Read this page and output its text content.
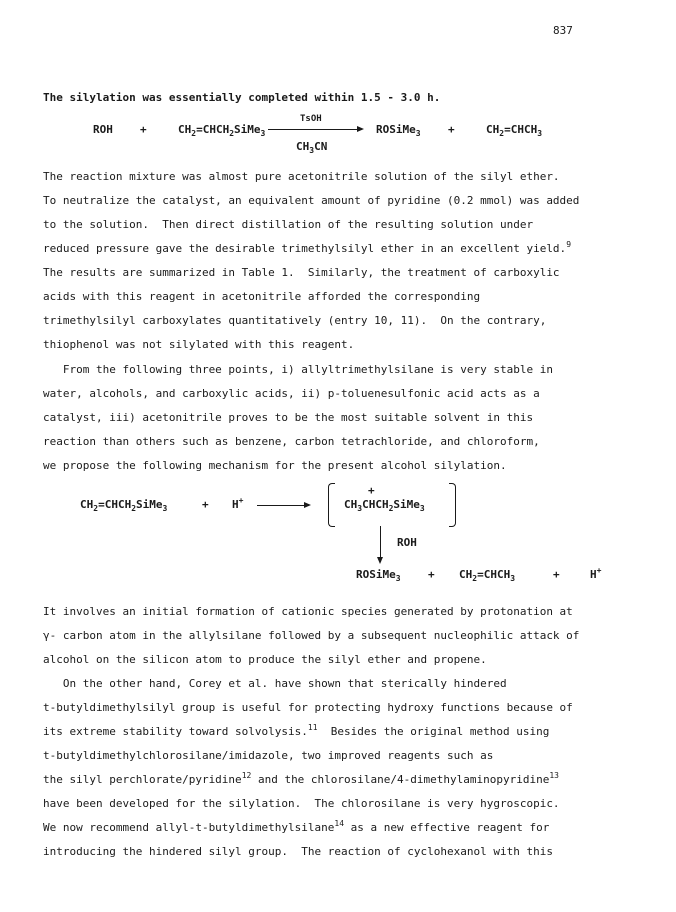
837
The silylation was essentially completed within 1.5 - 3.0 h.
ROH +	$CH_2=CHCH_2SiMe_3$
TsOH
$CH_3CN$
ROSiMe$_3$ +	$CH_2=CHCH_3$
The reaction mixture was almost pure acetonitrile solution of the silyl ether.
To neutralize the catalyst, an equivalent amount of pyridine (0.2 mmol) was added
to the solution.  Then direct distillation of the resulting solution under
reduced pressure gave the desirable trimethylsilyl ether in an excellent yield.$^9$
The results are summarized in Table 1.  Similarly, the treatment of carboxylic
acids with this reagent in acetonitrile afforded the corresponding
trimethylsilyl carboxylates quantitatively (entry 10, 11).  On the contrary,
thiophenol was not silylated with this reagent.
From the following three points, i) allyltrimethylsilane is very stable in
water, alcohols, and carboxylic acids, ii) p-toluenesulfonic acid acts as a
catalyst, iii) acetonitrile proves to be the most suitable solvent in this
reaction than others such as benzene, carbon tetrachloride, and chloroform,
we propose the following mechanism for the present alcohol silylation.
$CH_2=CHCH_2SiMe_3$	+ H+
+
$CH_3CHCH_2SiMe_3$
ROH
ROSiMe$_3$ + $CH_2=CHCH_3$	+	H+
It involves an initial formation of cationic species generated by protonation at
γ- carbon atom in the allylsilane followed by a subsequent nucleophilic attack of
alcohol on the silicon atom to produce the silyl ether and propene.
On the other hand, Corey et al. have shown that sterically hindered
t-butyldimethylsilyl group is useful for protecting hydroxy functions because of
its extreme stability toward solvolysis.$^{11}$  Besides the original method using
t-butyldimethylchlorosilane/imidazole, two improved reagents such as
the silyl perchlorate/pyridine$^{12}$ and the chlorosilane/4-dimethylaminopyridine$^{13}$
have been developed for the silylation.  The chlorosilane is very hygroscopic.
We now recommend allyl-t-butyldimethylsilane$^{14}$ as a new effective reagent for
introducing the hindered silyl group.  The reaction of cyclohexanol with this
